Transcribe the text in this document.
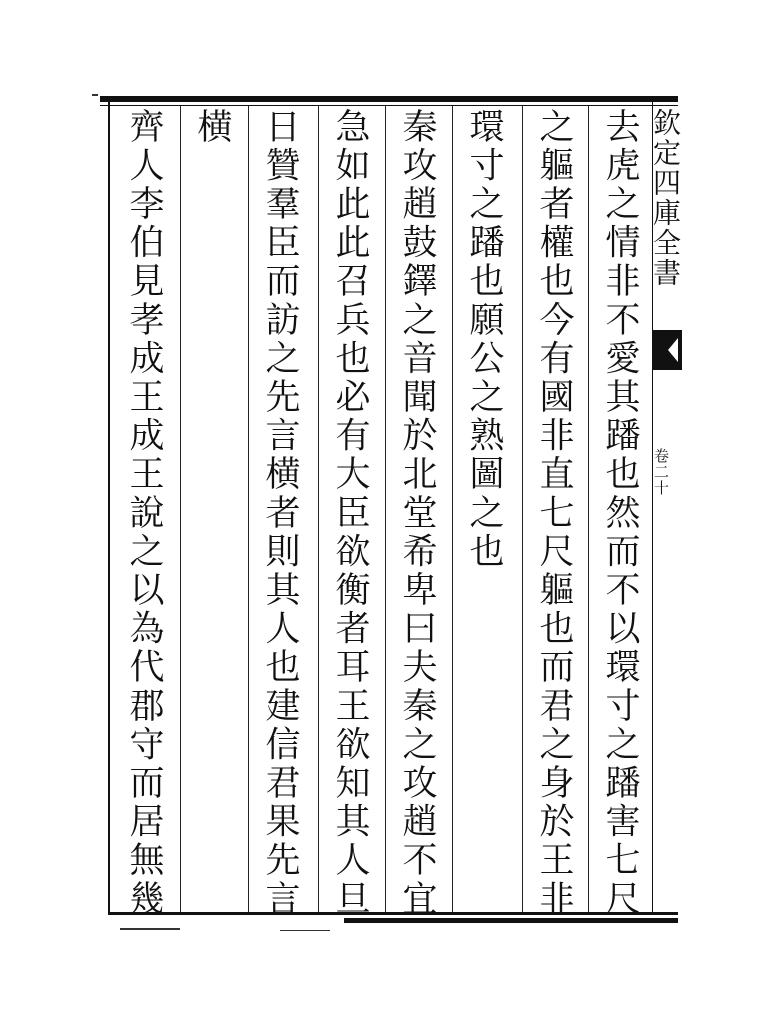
欽定四庫全書
卷二十
去虎之情非不愛其蹯也然而不以環寸之蹯害七尺
之軀者權也今有國非直七尺軀也而君之身於王非
環寸之蹯也願公之熟圖之也
秦攻趙鼓鐸之音聞於北堂希卑曰夫秦之攻趙不宜
急如此此召兵也必有大臣欲衡者耳王欲知其人旦
日贊羣臣而訪之先言横者則其人也建信君果先言
横
齊人李伯見孝成王成王說之以為代郡守而居無幾
